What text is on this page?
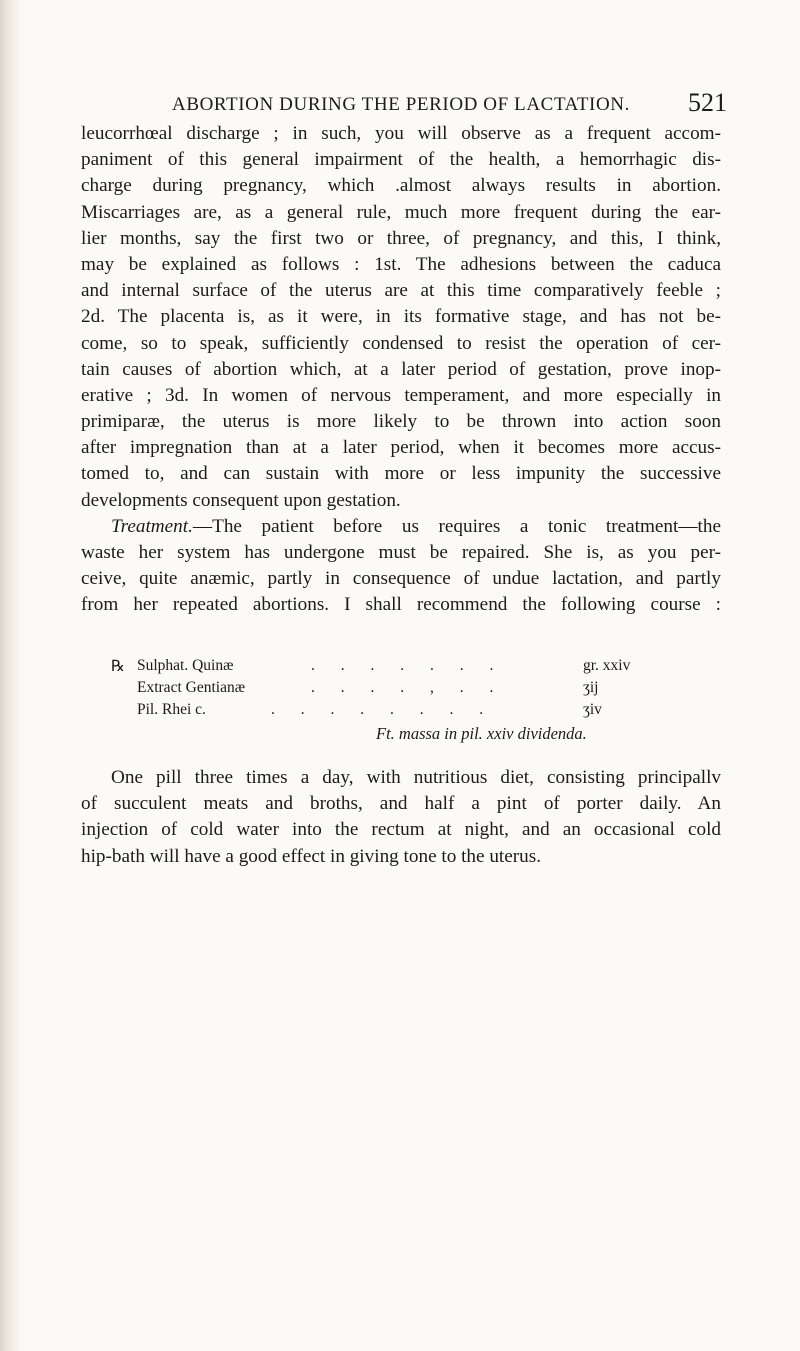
ABORTION DURING THE PERIOD OF LACTATION. 521
leucorrhœal discharge ; in such, you will observe as a frequent accom-
paniment of this general impairment of the health, a hemorrhagic dis-
charge during pregnancy, which .almost always results in abortion.
Miscarriages are, as a general rule, much more frequent during the ear-
lier months, say the first two or three, of pregnancy, and this, I think,
may be explained as follows : 1st. The adhesions between the caduca
and internal surface of the uterus are at this time comparatively feeble ;
2d. The placenta is, as it were, in its formative stage, and has not be-
come, so to speak, sufficiently condensed to resist the operation of cer-
tain causes of abortion which, at a later period of gestation, prove inop-
erative ; 3d. In women of nervous temperament, and more especially in
primiparæ, the uterus is more likely to be thrown into action soon
after impregnation than at a later period, when it becomes more accus-
tomed to, and can sustain with more or less impunity the successive
developments consequent upon gestation.
Treatment.—The patient before us requires a tonic treatment—the
waste her system has undergone must be repaired. She is, as you per-
ceive, quite anæmic, partly in consequence of undue lactation, and partly
from her repeated abortions. I shall recommend the following course :
℞ Sulphat. Quinæ	. . . . . . .	gr. xxiv
Extract Gentianæ	. . . . , . .	ʒij
Pil. Rhei c.	. . . . . . . .	ʒiv
Ft. massa in pil. xxiv dividenda.
One pill three times a day, with nutritious diet, consisting principallv
of succulent meats and broths, and half a pint of porter daily. An
injection of cold water into the rectum at night, and an occasional cold
hip-bath will have a good effect in giving tone to the uterus.
